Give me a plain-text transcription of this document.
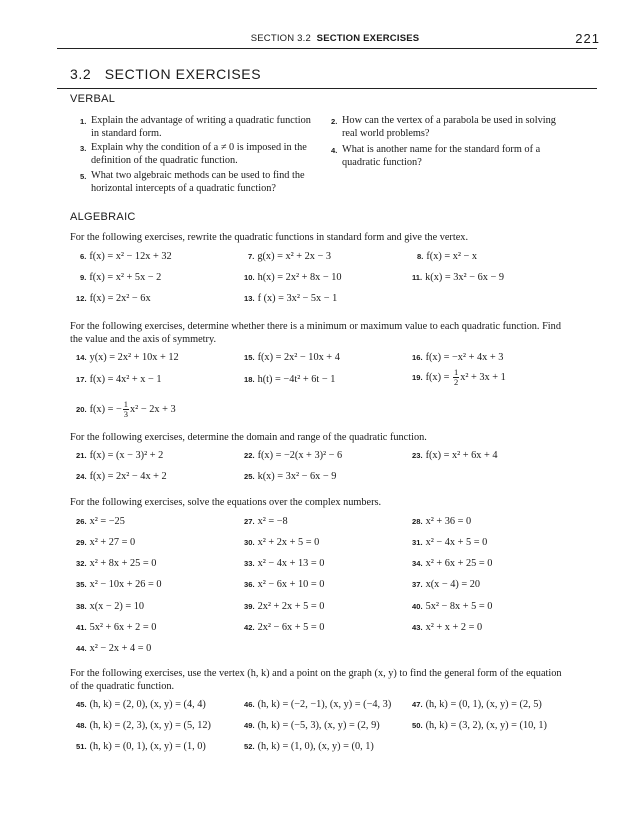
SECTION 3.2 SECTION EXERCISES	221
3.2   SECTION EXERCISES
VERBAL
1. Explain the advantage of writing a quadratic function in standard form.
3. Explain why the condition of a ≠ 0 is imposed in the definition of the quadratic function.
5. What two algebraic methods can be used to find the horizontal intercepts of a quadratic function?
2. How can the vertex of a parabola be used in solving real world problems?
4. What is another name for the standard form of a quadratic function?
ALGEBRAIC
For the following exercises, rewrite the quadratic functions in standard form and give the vertex.
6. f(x) = x² − 12x + 32	7. g(x) = x² + 2x − 3	8. f(x) = x² − x
9. f(x) = x² + 5x − 2	10. h(x) = 2x² + 8x − 10	11. k(x) = 3x² − 6x − 9
12. f(x) = 2x² − 6x	13. f (x) = 3x² − 5x − 1
For the following exercises, determine whether there is a minimum or maximum value to each quadratic function. Find the value and the axis of symmetry.
14. y(x) = 2x² + 10x + 12	15. f(x) = 2x² − 10x + 4	16. f(x) = −x² + 4x + 3
17. f(x) = 4x² + x − 1	18. h(t) = −4t² + 6t − 1	19. $f(x) = \frac{1}{2} x^2 + 3x + 1$
20. f(x) = − $\frac{1}{3} x^2 - 2x + 3$
For the following exercises, determine the domain and range of the quadratic function.
21. f(x) = (x − 3)² + 2	22. f(x) = −2(x + 3)² − 6	23. f(x) = x² + 6x + 4
24. f(x) = 2x² − 4x + 2	25. k(x) = 3x² − 6x − 9
For the following exercises, solve the equations over the complex numbers.
26. x² = −25	27. x² = −8	28. x² + 36 = 0
29. x² + 27 = 0	30. x² + 2x + 5 = 0	31. x² − 4x + 5 = 0
32. x² + 8x + 25 = 0	33. x² − 4x + 13 = 0	34. x² + 6x + 25 = 0
35. x² − 10x + 26 = 0	36. x² − 6x + 10 = 0	37. x(x − 4) = 20
38. x(x − 2) = 10	39. 2x² + 2x + 5 = 0	40. 5x² − 8x + 5 = 0
41. 5x² + 6x + 2 = 0	42. 2x² − 6x + 5 = 0	43. x² + x + 2 = 0
44. x² − 2x + 4 = 0
For the following exercises, use the vertex (h, k) and a point on the graph (x, y) to find the general form of the equation of the quadratic function.
45. (h, k) = (2, 0), (x, y) = (4, 4)	46. (h, k) = (−2, −1), (x, y) = (−4, 3)	47. (h, k) = (0, 1), (x, y) = (2, 5)
48. (h, k) = (2, 3), (x, y) = (5, 12)	49. (h, k) = (−5, 3), (x, y) = (2, 9)	50. (h, k) = (3, 2), (x, y) = (10, 1)
51. (h, k) = (0, 1), (x, y) = (1, 0)	52. (h, k) = (1, 0), (x, y) = (0, 1)
